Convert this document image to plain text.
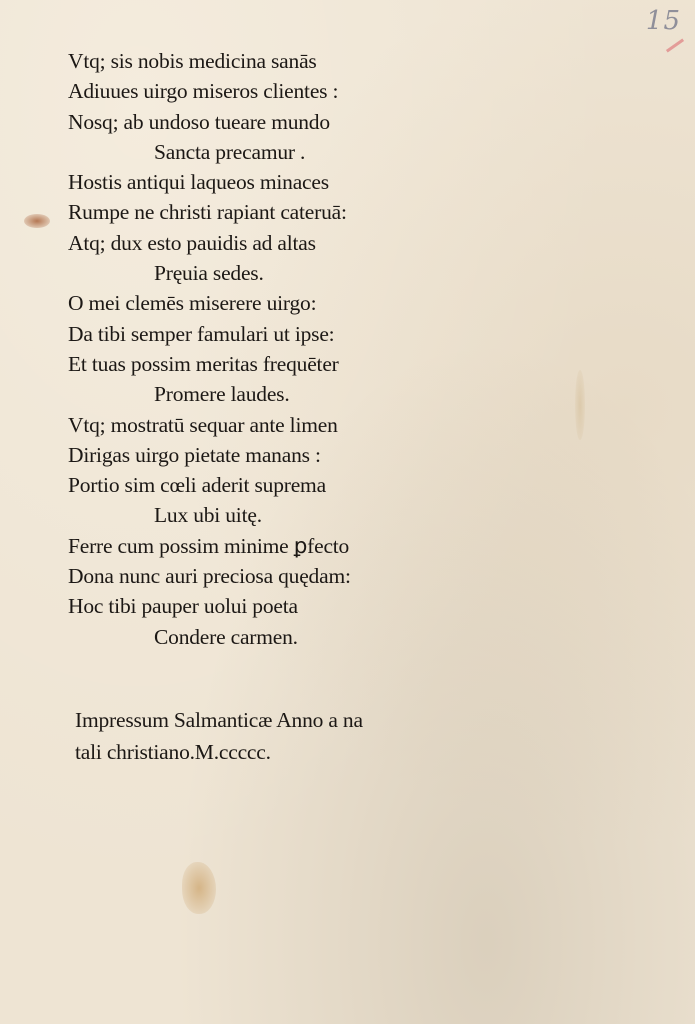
15
Vtq; sis nobis medicina sanās
Adiuues uirgo miseros clientes :
Nosq; ab undoso tueare mundo
Sancta precamur .
Hostis antiqui laqueos minaces
Rumpe ne christi rapiant cateruā:
Atq; dux esto pauidis ad altas
Pręuia sedes.
O mei clemēs miserere uirgo:
Da tibi semper famulari ut ipse:
Et tuas possim meritas frequēter
Promere laudes.
Vtq; mostratū sequar ante limen
Dirigas uirgo pietate manans :
Portio sim cœli aderit suprema
Lux ubi uitę.
Ferre cum possim minime ꝑfecto
Dona nunc auri preciosa quędam:
Hoc tibi pauper uolui poeta
Condere carmen.
Impressum Salmanticæ Anno a na
tali christiano.M.ccccc.
